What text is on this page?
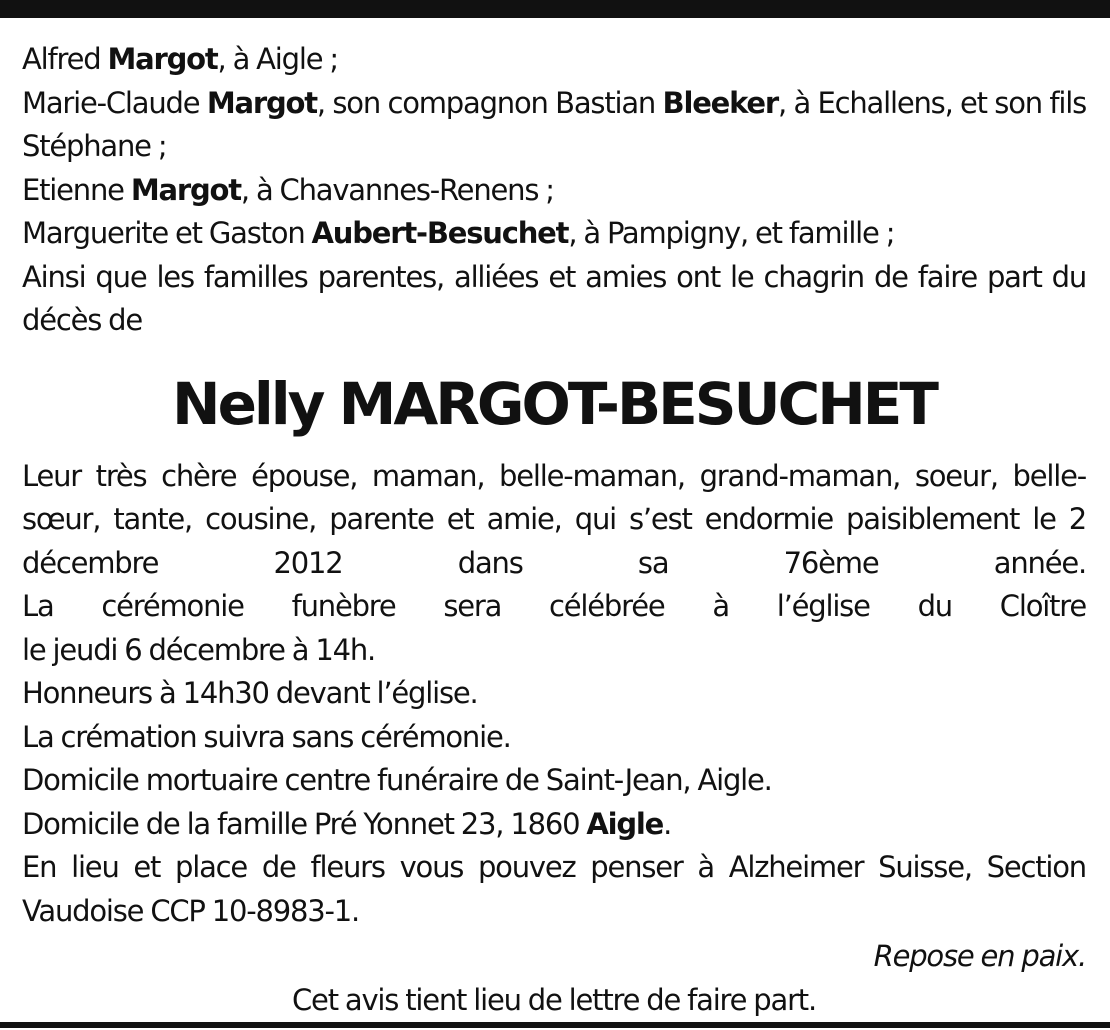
Alfred Margot, à Aigle ;
Marie-Claude Margot, son compagnon Bastian Bleeker, à Echallens, et son fils Stéphane ;
Etienne Margot, à Chavannes-Renens ;
Marguerite et Gaston Aubert-Besuchet, à Pampigny, et famille ;
Ainsi que les familles parentes, alliées et amies ont le chagrin de faire part du décès de
Nelly MARGOT-BESUCHET
Leur très chère épouse, maman, belle-maman, grand-maman, soeur, belle-sœur, tante, cousine, parente et amie, qui s’est endormie paisiblement le 2 décembre 2012 dans sa 76ème année.
La cérémonie funèbre sera célébrée à l’église du Cloître
le jeudi 6 décembre à 14h.
Honneurs à 14h30 devant l’église.
La crémation suivra sans cérémonie.
Domicile mortuaire centre funéraire de Saint-Jean, Aigle.
Domicile de la famille Pré Yonnet 23, 1860 Aigle.
En lieu et place de fleurs vous pouvez penser à Alzheimer Suisse, Section Vaudoise CCP 10-8983-1.
Repose en paix.
Cet avis tient lieu de lettre de faire part.
